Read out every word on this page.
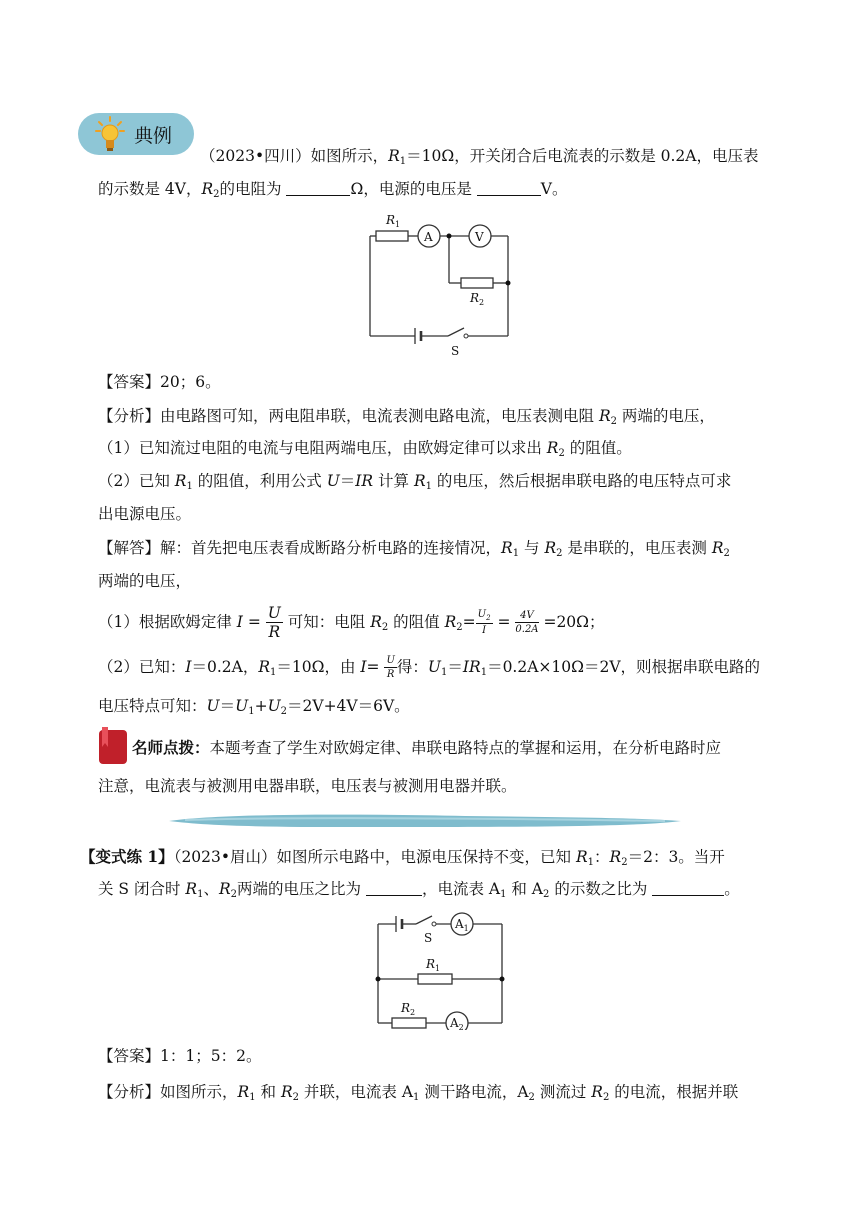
典例
（2023•四川）如图所示，$R_1=10\Omega$，开关闭合后电流表的示数是 0.2A，电压表
的示数是 4V，$R_2$的电阻为	Ω，电源的电压是	V。
$R_1$
A	V
$R_2$
S
【答案】20；6。
【分析】由电路图可知，两电阻串联，电流表测电路电流，电压表测电阻 $R_2$ 两端的电压，
（1）已知流过电阻的电流与电阻两端电压，由欧姆定律可以求出 $R_2$ 的阻值。
（2）已知 $R_1$ 的阻值，利用公式 U＝IR 计算 $R_1$ 的电压，然后根据串联电路的电压特点可求
出电源电压。
【解答】解：首先把电压表看成断路分析电路的连接情况，$R_1$ 与 $R_2$ 是串联的，电压表测 $R_2$
两端的电压，
（1）根据欧姆定律 $I = \frac{U}{R}$ 可知：电阻 $R_2$ 的阻值 $R_2= \frac{U_2}{I} = \frac{4V}{0.2A} =20\Omega$；
（2）已知：I＝0.2A，$R_1=10\Omega$，由 $I= \frac{U}{R}$ 得：$U_1=IR_1=0.2A\times 10\Omega=2V$，则根据串联电路的
电压特点可知：$U=U_1+U_2=2V+4V=6V$。
名师点拨：本题考查了学生对欧姆定律、串联电路特点的掌握和运用，在分析电路时应
注意，电流表与被测用电器串联，电压表与被测用电器并联。
【变式练 1】（2023•眉山）如图所示电路中，电源电压保持不变，已知 $R_1$：$R_2=2$：3。当开
关 S 闭合时 $R_1$、$R_2$两端的电压之比为	，电流表 $A_1$ 和 $A_2$ 的示数之比为	。
S
$A_1$
$R_1$
$R_2$
$A_2$
【答案】1：1；5：2。
【分析】如图所示，$R_1$ 和 $R_2$ 并联，电流表 $A_1$ 测干路电流，$A_2$ 测流过 $R_2$ 的电流，根据并联
